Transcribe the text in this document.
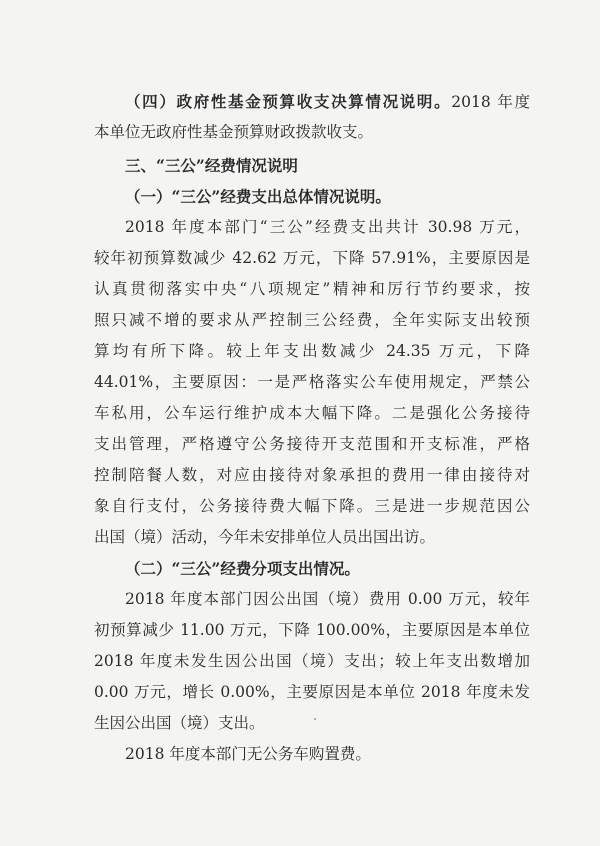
（四）政府性基金预算收支决算情况说明。2018 年度
本单位无政府性基金预算财政拨款收支。
三、“三公”经费情况说明
（一）“三公”经费支出总体情况说明。
2018 年度本部门“三公”经费支出共计 30.98 万元，
较年初预算数减少 42.62 万元，下降 57.91%，主要原因是
认真贯彻落实中央“八项规定”精神和厉行节约要求，按
照只减不增的要求从严控制三公经费，全年实际支出较预
算均有所下降。较上年支出数减少 24.35 万元，下降
44.01%，主要原因：一是严格落实公车使用规定，严禁公
车私用，公车运行维护成本大幅下降。二是强化公务接待
支出管理，严格遵守公务接待开支范围和开支标准，严格
控制陪餐人数，对应由接待对象承担的费用一律由接待对
象自行支付，公务接待费大幅下降。三是进一步规范因公
出国（境）活动，今年未安排单位人员出国出访。
（二）“三公”经费分项支出情况。
2018 年度本部门因公出国（境）费用 0.00 万元，较年
初预算减少 11.00 万元，下降 100.00%，主要原因是本单位
2018 年度未发生因公出国（境）支出；较上年支出数增加
0.00 万元，增长 0.00%，主要原因是本单位 2018 年度未发
生因公出国（境）支出。
2018 年度本部门无公务车购置费。
